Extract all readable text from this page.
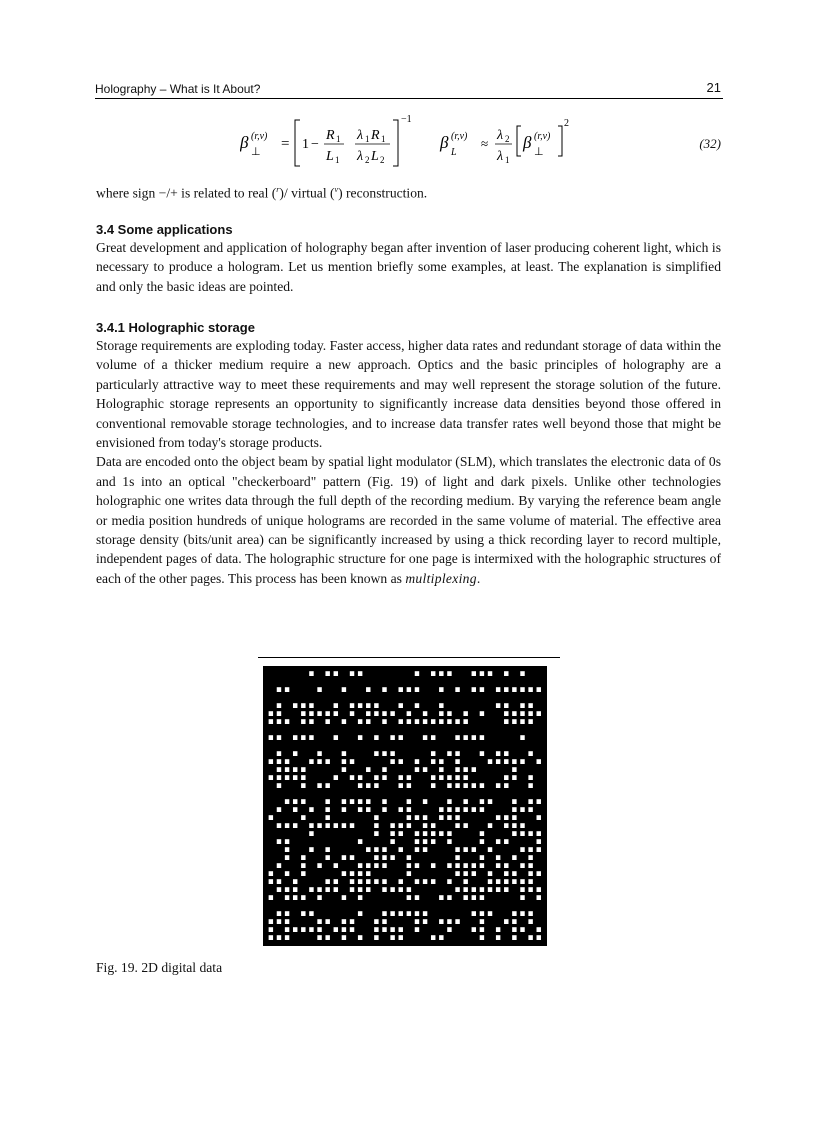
Holography – What is It About?	21
β (r,v)
⊥ = 1 −
R 1
L 1
λ 1 R 1
λ 2 L 2
−1
β (r,v)
L
≈
λ 2
λ 1
β (r,v)
⊥
2
(32)

where sign −/+ is related to real ($^r$)/ virtual ($^v$) reconstruction.

3.4 Some applications

Great development and application of holography began after invention of laser producing coherent light, which is necessary to produce a hologram. Let us mention briefly some examples, at least. The explanation is simplified and only the basic ideas are pointed.

3.4.1 Holographic storage

Storage requirements are exploding today. Faster access, higher data rates and redundant storage of data within the volume of a thicker medium require a new approach. Optics and the basic principles of holography are a particularly attractive way to meet these requirements and may well represent the storage solution of the future. Holographic storage represents an opportunity to significantly increase data densities beyond those offered in conventional removable storage technologies, and to increase data transfer rates well beyond those that might be envisioned from today's storage products.

Data are encoded onto the object beam by spatial light modulator (SLM), which translates the electronic data of 0s and 1s into an optical "checkerboard" pattern (Fig. 19) of light and dark pixels. Unlike other technologies holographic one writes data through the full depth of the recording medium. By varying the reference beam angle or media position hundreds of unique holograms are recorded in the same volume of material. The effective area storage density (bits/unit area) can be significantly increased by using a thick recording layer to record multiple, independent pages of data. The holographic structure for one page is intermixed with the holographic structures of each of the other pages. This process has been known as multiplexing.

Fig. 19. 2D digital data
